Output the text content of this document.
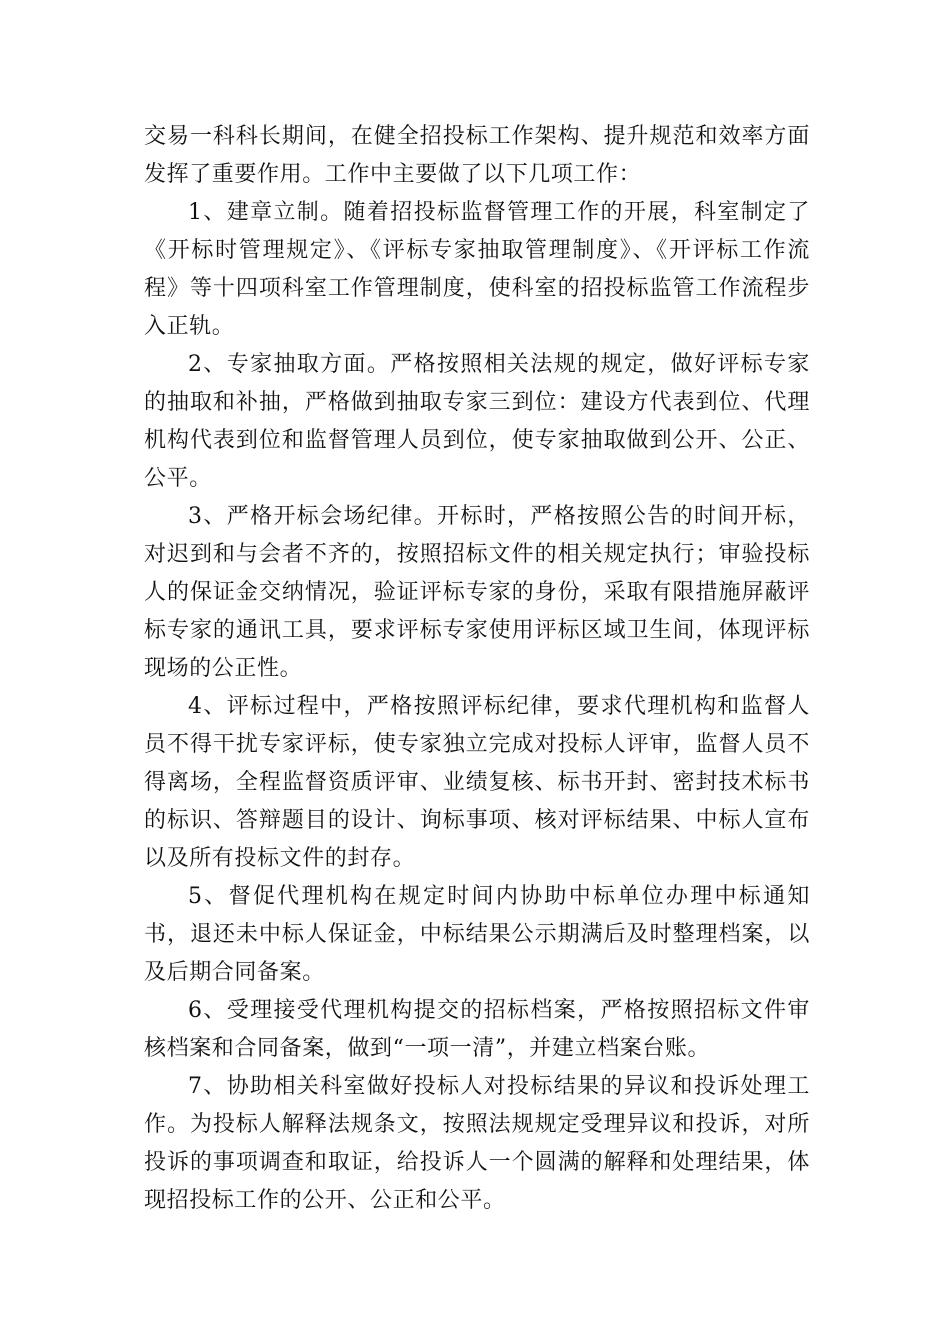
交易一科科长期间，在健全招投标工作架构、提升规范和效率方面发挥了重要作用。工作中主要做了以下几项工作：

1、建章立制。随着招投标监督管理工作的开展，科室制定了《开标时管理规定》、《评标专家抽取管理制度》、《开评标工作流程》等十四项科室工作管理制度，使科室的招投标监管工作流程步入正轨。

2、专家抽取方面。严格按照相关法规的规定，做好评标专家的抽取和补抽，严格做到抽取专家三到位：建设方代表到位、代理机构代表到位和监督管理人员到位，使专家抽取做到公开、公正、公平。

3、严格开标会场纪律。开标时，严格按照公告的时间开标，对迟到和与会者不齐的，按照招标文件的相关规定执行；审验投标人的保证金交纳情况，验证评标专家的身份，采取有限措施屏蔽评标专家的通讯工具，要求评标专家使用评标区域卫生间，体现评标现场的公正性。

4、评标过程中，严格按照评标纪律，要求代理机构和监督人员不得干扰专家评标，使专家独立完成对投标人评审，监督人员不得离场，全程监督资质评审、业绩复核、标书开封、密封技术标书的标识、答辩题目的设计、询标事项、核对评标结果、中标人宣布以及所有投标文件的封存。

5、督促代理机构在规定时间内协助中标单位办理中标通知书，退还未中标人保证金，中标结果公示期满后及时整理档案，以及后期合同备案。

6、受理接受代理机构提交的招标档案，严格按照招标文件审核档案和合同备案，做到“一项一清”，并建立档案台账。

7、协助相关科室做好投标人对投标结果的异议和投诉处理工作。为投标人解释法规条文，按照法规规定受理异议和投诉，对所投诉的事项调查和取证，给投诉人一个圆满的解释和处理结果，体现招投标工作的公开、公正和公平。
